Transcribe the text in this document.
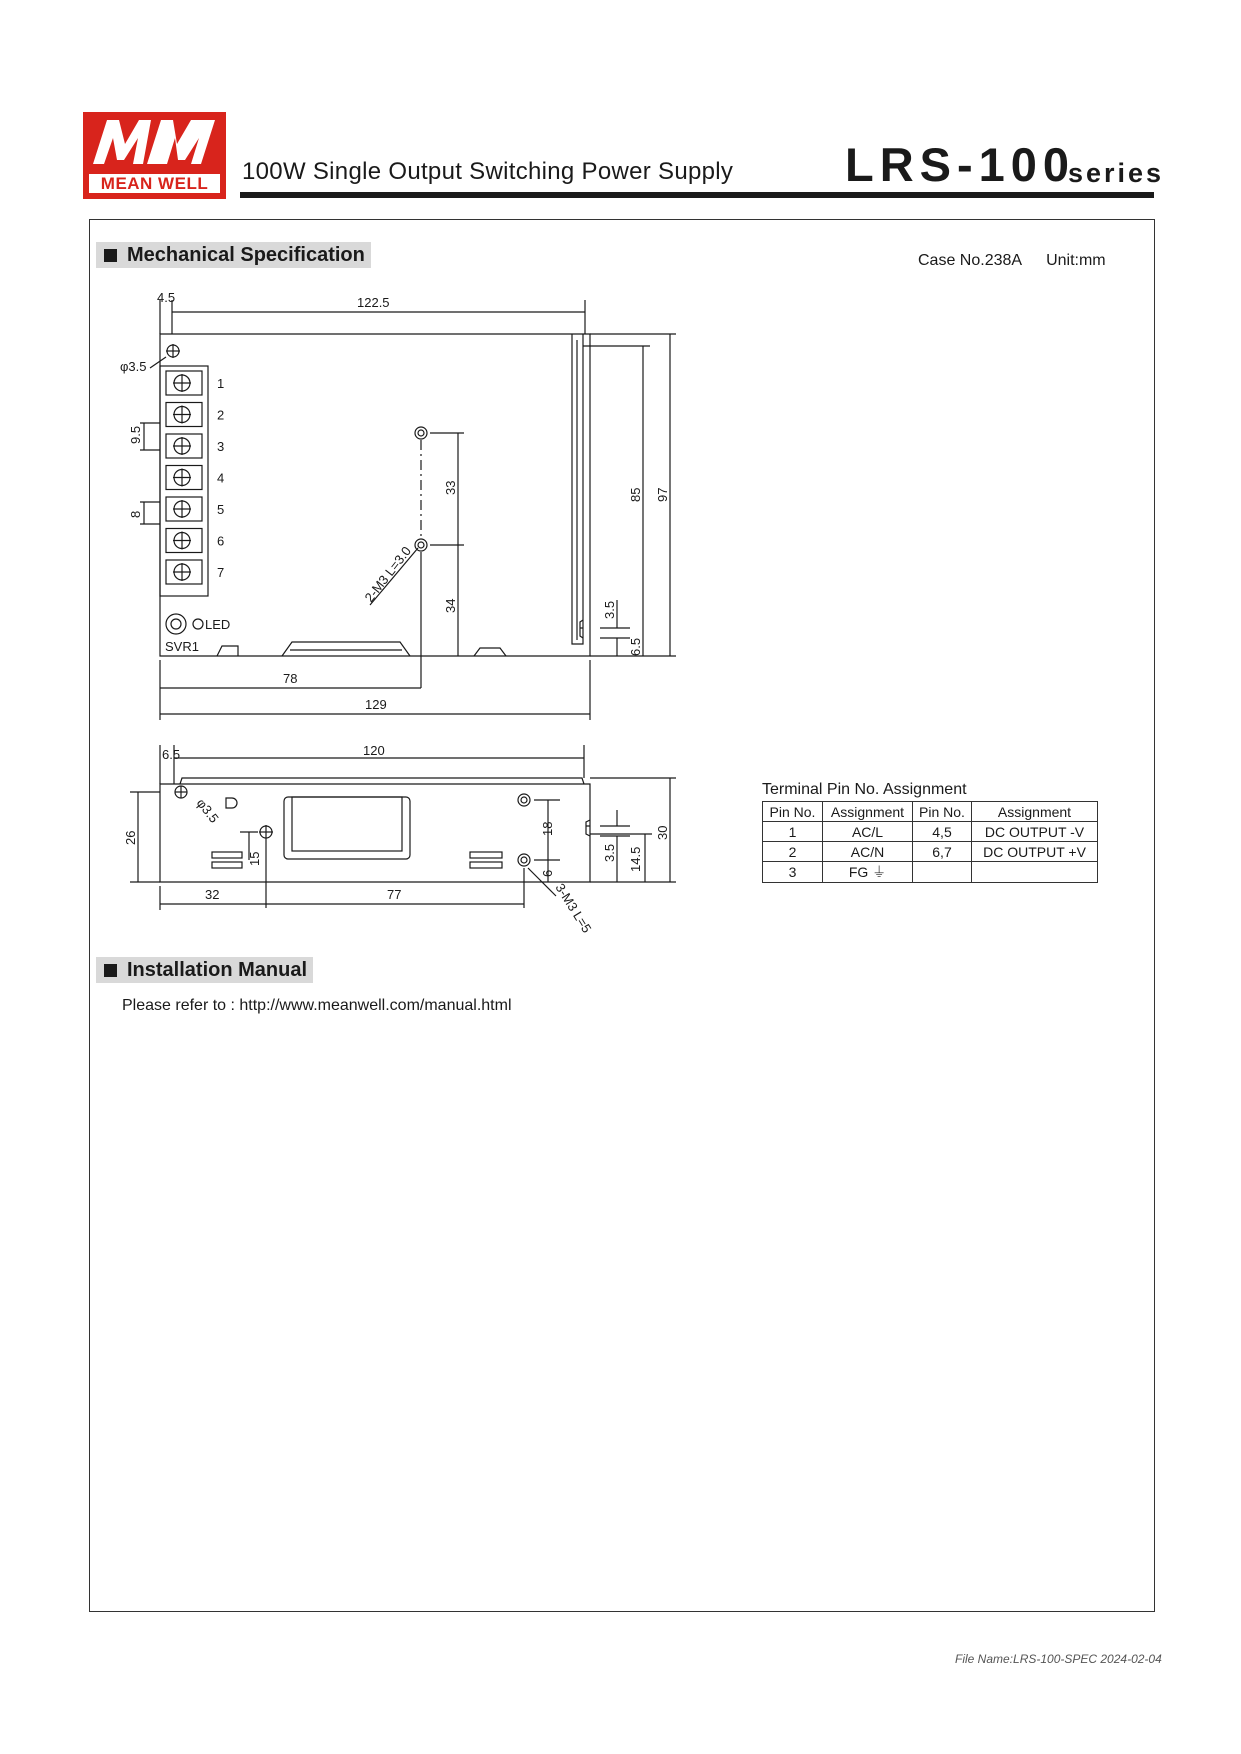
MEAN WELL	100W Single Output Switching Power Supply LRS-100
series
Mechanical Specification	Case No.238A Unit:mm
4.5	122.5
φ3.5
9.5
8
33
34
85 97
3.5
6.5
78
129
2-M3 L=3.0
1
2
3
4
5
6
7
LED
SVR1
6.5	120
26
φ3.5
15
18
6
3.5 14.5
30
32	77	3-M3 L=5
Terminal Pin No. Assignment
Pin No.	Assignment	Pin No.	Assignment
1	AC/L	4,5	DC OUTPUT -V
2	AC/N	6,7	DC OUTPUT +V
3	FG ⏚		
Installation Manual
Please refer to : http://www.meanwell.com/manual.html
File Name:LRS-100-SPEC 2024-02-04
